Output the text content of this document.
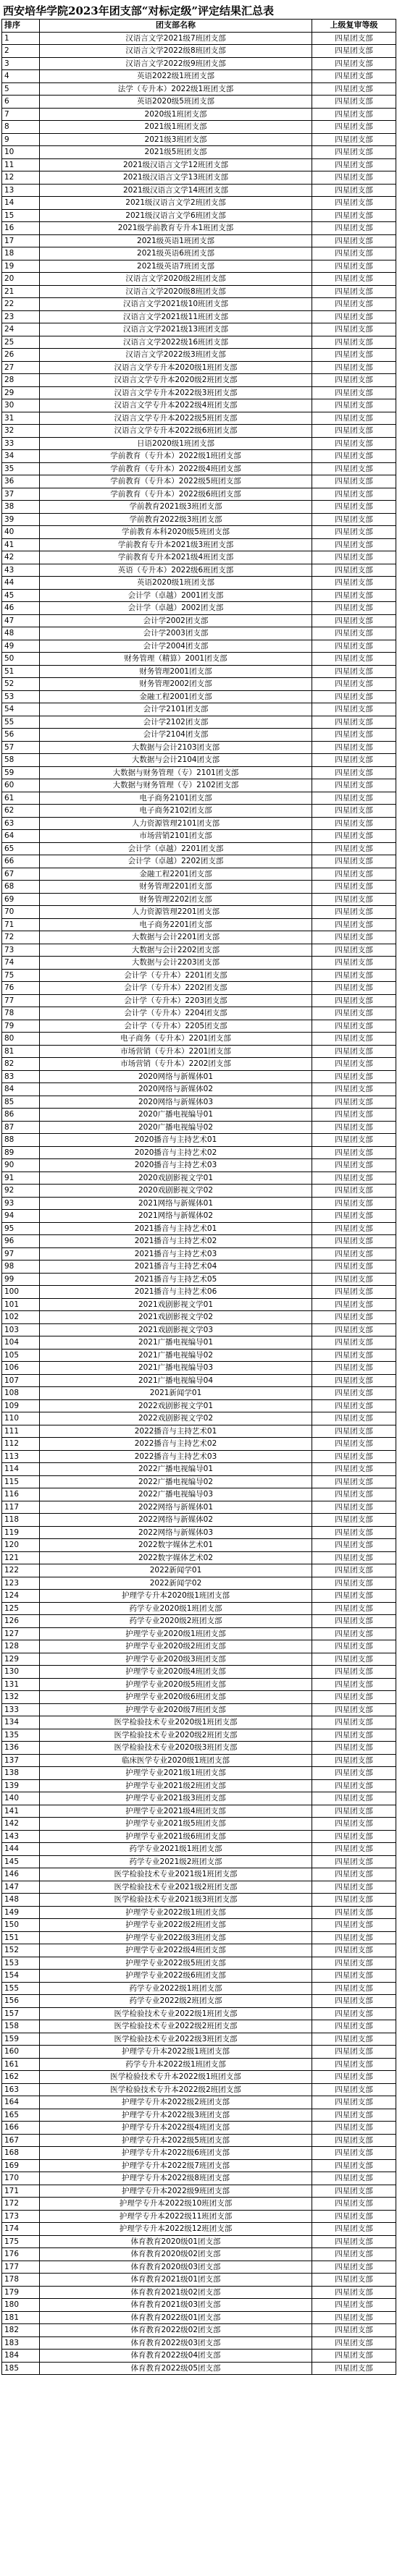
西安培华学院2023年团支部“对标定级”评定结果汇总表
排序	团支部名称	上级复审等级
1	汉语言文学2021级7班团支部	四星团支部
2	汉语言文学2022级8班团支部	四星团支部
3	汉语言文学2022级9班团支部	四星团支部
4	英语2022级1班团支部	四星团支部
5	法学（专升本）2022级1班团支部	四星团支部
6	英语2020级5班团支部	四星团支部
7	2020级1班团支部	四星团支部
8	2021级1班团支部	四星团支部
9	2021级3班团支部	四星团支部
10	2021级5班团支部	四星团支部
11	2021级汉语言文学12班团支部	四星团支部
12	2021级汉语言文学13班团支部	四星团支部
13	2021级汉语言文学14班团支部	四星团支部
14	2021级汉语言文学2班团支部	四星团支部
15	2021级汉语言文学6班团支部	四星团支部
16	2021级学前教育专升本1班团支部	四星团支部
17	2021级英语1班团支部	四星团支部
18	2021级英语6班团支部	四星团支部
19	2021级英语7班团支部	四星团支部
20	汉语言文学2020级2班团支部	四星团支部
21	汉语言文学2020级8班团支部	四星团支部
22	汉语言文学2021级10班团支部	四星团支部
23	汉语言文学2021级11班团支部	四星团支部
24	汉语言文学2021级13班团支部	四星团支部
25	汉语言文学2022级16班团支部	四星团支部
26	汉语言文学2022级3班团支部	四星团支部
27	汉语言文学专升本2020级1班团支部	四星团支部
28	汉语言文学专升本2020级2班团支部	四星团支部
29	汉语言文学专升本2022级3班团支部	四星团支部
30	汉语言文学专升本2022级4班团支部	四星团支部
31	汉语言文学专升本2022级5班团支部	四星团支部
32	汉语言文学专升本2022级6班团支部	四星团支部
33	日语2020级1班团支部	四星团支部
34	学前教育（专升本）2022级1班团支部	四星团支部
35	学前教育（专升本）2022级4班团支部	四星团支部
36	学前教育（专升本）2022级5班团支部	四星团支部
37	学前教育（专升本）2022级6班团支部	四星团支部
38	学前教育2021级3班团支部	四星团支部
39	学前教育2022级3班团支部	四星团支部
40	学前教育本科2020级5班团支部	四星团支部
41	学前教育专升本2021级3班团支部	四星团支部
42	学前教育专升本2021级4班团支部	四星团支部
43	英语（专升本）2022级6班团支部	四星团支部
44	英语2020级1班团支部	四星团支部
45	会计学（卓越）2001团支部	四星团支部
46	会计学（卓越）2002团支部	四星团支部
47	会计学2002团支部	四星团支部
48	会计学2003团支部	四星团支部
49	会计学2004团支部	四星团支部
50	财务管理（精算）2001团支部	四星团支部
51	财务管理2001团支部	四星团支部
52	财务管理2002团支部	四星团支部
53	金融工程2001团支部	四星团支部
54	会计学2101团支部	四星团支部
55	会计学2102团支部	四星团支部
56	会计学2104团支部	四星团支部
57	大数据与会计2103团支部	四星团支部
58	大数据与会计2104团支部	四星团支部
59	大数据与财务管理（专）2101团支部	四星团支部
60	大数据与财务管理（专）2102团支部	四星团支部
61	电子商务2101团支部	四星团支部
62	电子商务2102团支部	四星团支部
63	人力资源管理2101团支部	四星团支部
64	市场营销2101团支部	四星团支部
65	会计学（卓越）2201团支部	四星团支部
66	会计学（卓越）2202团支部	四星团支部
67	金融工程2201团支部	四星团支部
68	财务管理2201团支部	四星团支部
69	财务管理2202团支部	四星团支部
70	人力资源管理2201团支部	四星团支部
71	电子商务2201团支部	四星团支部
72	大数据与会计2201团支部	四星团支部
73	大数据与会计2202团支部	四星团支部
74	大数据与会计2203团支部	四星团支部
75	会计学（专升本）2201团支部	四星团支部
76	会计学（专升本）2202团支部	四星团支部
77	会计学（专升本）2203团支部	四星团支部
78	会计学（专升本）2204团支部	四星团支部
79	会计学（专升本）2205团支部	四星团支部
80	电子商务（专升本）2201团支部	四星团支部
81	市场营销（专升本）2201团支部	四星团支部
82	市场营销（专升本）2202团支部	四星团支部
83	2020网络与新媒体01	四星团支部
84	2020网络与新媒体02	四星团支部
85	2020网络与新媒体03	四星团支部
86	2020广播电视编导01	四星团支部
87	2020广播电视编导02	四星团支部
88	2020播音与主持艺术01	四星团支部
89	2020播音与主持艺术02	四星团支部
90	2020播音与主持艺术03	四星团支部
91	2020戏剧影视文学01	四星团支部
92	2020戏剧影视文学02	四星团支部
93	2021网络与新媒体01	四星团支部
94	2021网络与新媒体02	四星团支部
95	2021播音与主持艺术01	四星团支部
96	2021播音与主持艺术02	四星团支部
97	2021播音与主持艺术03	四星团支部
98	2021播音与主持艺术04	四星团支部
99	2021播音与主持艺术05	四星团支部
100	2021播音与主持艺术06	四星团支部
101	2021戏剧影视文学01	四星团支部
102	2021戏剧影视文学02	四星团支部
103	2021戏剧影视文学03	四星团支部
104	2021广播电视编导01	四星团支部
105	2021广播电视编导02	四星团支部
106	2021广播电视编导03	四星团支部
107	2021广播电视编导04	四星团支部
108	2021新闻学01	四星团支部
109	2022戏剧影视文学01	四星团支部
110	2022戏剧影视文学02	四星团支部
111	2022播音与主持艺术01	四星团支部
112	2022播音与主持艺术02	四星团支部
113	2022播音与主持艺术03	四星团支部
114	2022广播电视编导01	四星团支部
115	2022广播电视编导02	四星团支部
116	2022广播电视编导03	四星团支部
117	2022网络与新媒体01	四星团支部
118	2022网络与新媒体02	四星团支部
119	2022网络与新媒体03	四星团支部
120	2022数字媒体艺术01	四星团支部
121	2022数字媒体艺术02	四星团支部
122	2022新闻学01	四星团支部
123	2022新闻学02	四星团支部
124	护理学专升本2020级1班团支部	四星团支部
125	药学专业2020级1班团支部	四星团支部
126	药学专业2020级2班团支部	四星团支部
127	护理学专业2020级1班团支部	四星团支部
128	护理学专业2020级2班团支部	四星团支部
129	护理学专业2020级3班团支部	四星团支部
130	护理学专业2020级4班团支部	四星团支部
131	护理学专业2020级5班团支部	四星团支部
132	护理学专业2020级6班团支部	四星团支部
133	护理学专业2020级7班团支部	四星团支部
134	医学检验技术专业2020级1班团支部	四星团支部
135	医学检验技术专业2020级2班团支部	四星团支部
136	医学检验技术专业2020级3班团支部	四星团支部
137	临床医学专业2020级1班团支部	四星团支部
138	护理学专业2021级1班团支部	四星团支部
139	护理学专业2021级2班团支部	四星团支部
140	护理学专业2021级3班团支部	四星团支部
141	护理学专业2021级4班团支部	四星团支部
142	护理学专业2021级5班团支部	四星团支部
143	护理学专业2021级6班团支部	四星团支部
144	药学专业2021级1班团支部	四星团支部
145	药学专业2021级2班团支部	四星团支部
146	医学检验技术专业2021级1班团支部	四星团支部
147	医学检验技术专业2021级2班团支部	四星团支部
148	医学检验技术专业2021级3班团支部	四星团支部
149	护理学专业2022级1班团支部	四星团支部
150	护理学专业2022级2班团支部	四星团支部
151	护理学专业2022级3班团支部	四星团支部
152	护理学专业2022级4班团支部	四星团支部
153	护理学专业2022级5班团支部	四星团支部
154	护理学专业2022级6班团支部	四星团支部
155	药学专业2022级1班团支部	四星团支部
156	药学专业2022级2班团支部	四星团支部
157	医学检验技术专业2022级1班团支部	四星团支部
158	医学检验技术专业2022级2班团支部	四星团支部
159	医学检验技术专业2022级3班团支部	四星团支部
160	护理学专升本2022级1班团支部	四星团支部
161	药学专升本2022级1班团支部	四星团支部
162	医学检验技术专升本2022级1班团支部	四星团支部
163	医学检验技术专升本2022级2班团支部	四星团支部
164	护理学专升本2022级2班团支部	四星团支部
165	护理学专升本2022级3班团支部	四星团支部
166	护理学专升本2022级4班团支部	四星团支部
167	护理学专升本2022级5班团支部	四星团支部
168	护理学专升本2022级6班团支部	四星团支部
169	护理学专升本2022级7班团支部	四星团支部
170	护理学专升本2022级8班团支部	四星团支部
171	护理学专升本2022级9班团支部	四星团支部
172	护理学专升本2022级10班团支部	四星团支部
173	护理学专升本2022级11班团支部	四星团支部
174	护理学专升本2022级12班团支部	四星团支部
175	体育教育2020级01团支部	四星团支部
176	体育教育2020级02团支部	四星团支部
177	体育教育2020级03团支部	四星团支部
178	体育教育2021级01团支部	四星团支部
179	体育教育2021级02团支部	四星团支部
180	体育教育2021级03团支部	四星团支部
181	体育教育2022级01团支部	四星团支部
182	体育教育2022级02团支部	四星团支部
183	体育教育2022级03团支部	四星团支部
184	体育教育2022级04团支部	四星团支部
185	体育教育2022级05团支部	四星团支部
